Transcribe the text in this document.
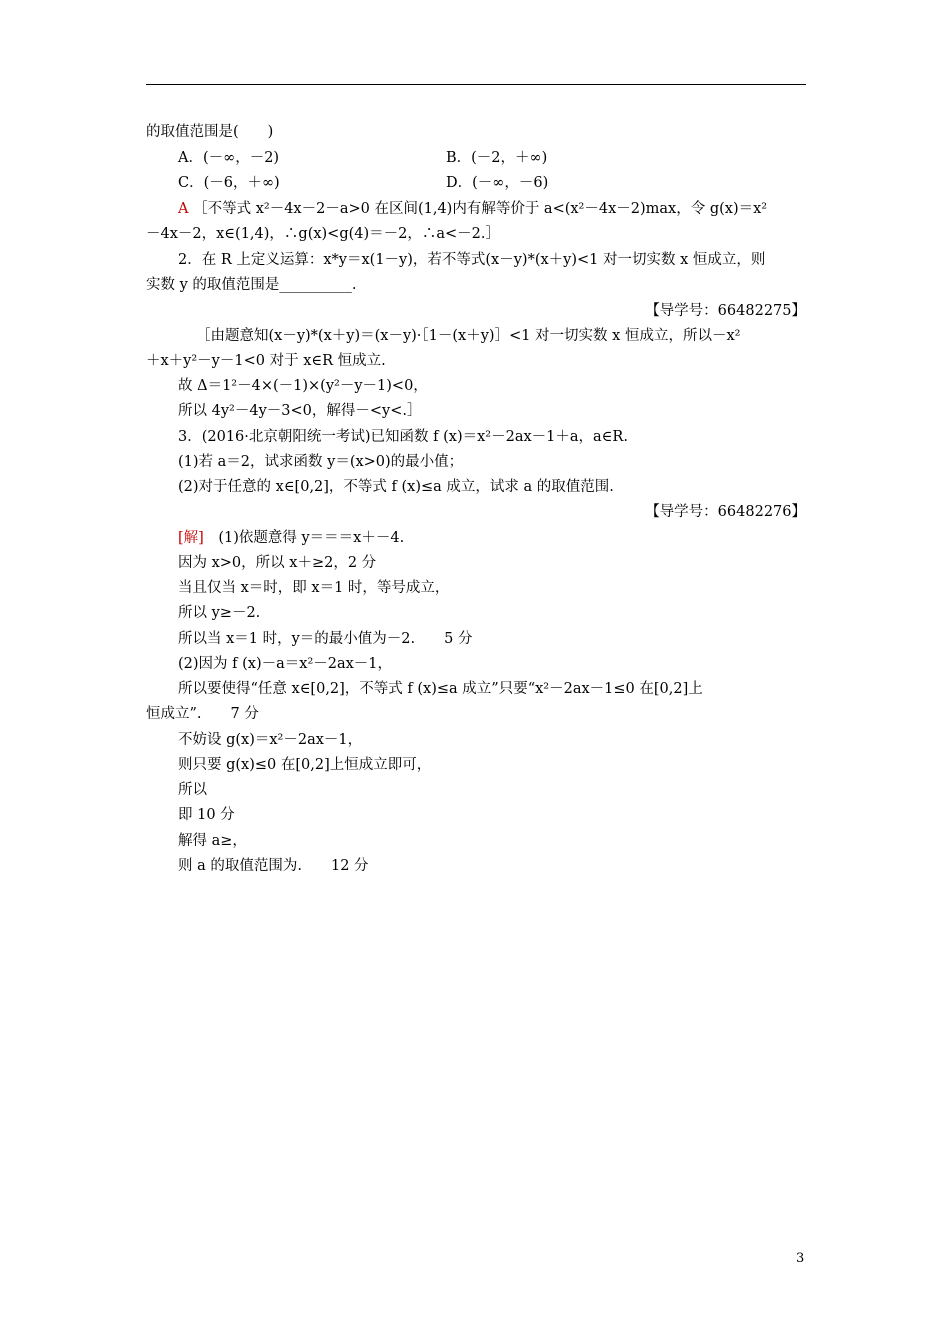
的取值范围是(　　)
A．(－∞，－2)	B．(－2，＋∞)
C．(－6，＋∞)	D．(－∞，－6)
A ［不等式 x²－4x－2－a>0 在区间(1,4)内有解等价于 a<(x²－4x－2)max，令 g(x)＝x²
－4x－2，x∈(1,4)，∴g(x)<g(4)＝－2，∴a<－2.］
2．在 R 上定义运算：x*y＝x(1－y)，若不等式(x－y)*(x＋y)<1 对一切实数 x 恒成立，则
实数 y 的取值范围是__________.
【导学号：66482275】
［由题意知(x－y)*(x＋y)＝(x－y)·［1－(x＋y)］<1 对一切实数 x 恒成立，所以－x²
＋x＋y²－y－1<0 对于 x∈R 恒成立.
故 Δ＝1²－4×(－1)×(y²－y－1)<0，
所以 4y²－4y－3<0，解得－<y<.］
3．(2016·北京朝阳统一考试)已知函数 f (x)＝x²－2ax－1＋a，a∈R.
(1)若 a＝2，试求函数 y＝(x>0)的最小值；
(2)对于任意的 x∈[0,2]，不等式 f (x)≤a 成立，试求 a 的取值范围.
【导学号：66482276】
[解]　(1)依题意得 y＝＝＝x＋－4.
因为 x>0，所以 x＋≥2，2 分
当且仅当 x＝时，即 x＝1 时，等号成立，
所以 y≥－2.
所以当 x＝1 时，y＝的最小值为－2.　　5 分
(2)因为 f (x)－a＝x²－2ax－1，
所以要使得“任意 x∈[0,2]，不等式 f (x)≤a 成立”只要“x²－2ax－1≤0 在[0,2]上
恒成立”.　　7 分
不妨设 g(x)＝x²－2ax－1，
则只要 g(x)≤0 在[0,2]上恒成立即可，
所以
即 10 分
解得 a≥，
则 a 的取值范围为.　　12 分
3
